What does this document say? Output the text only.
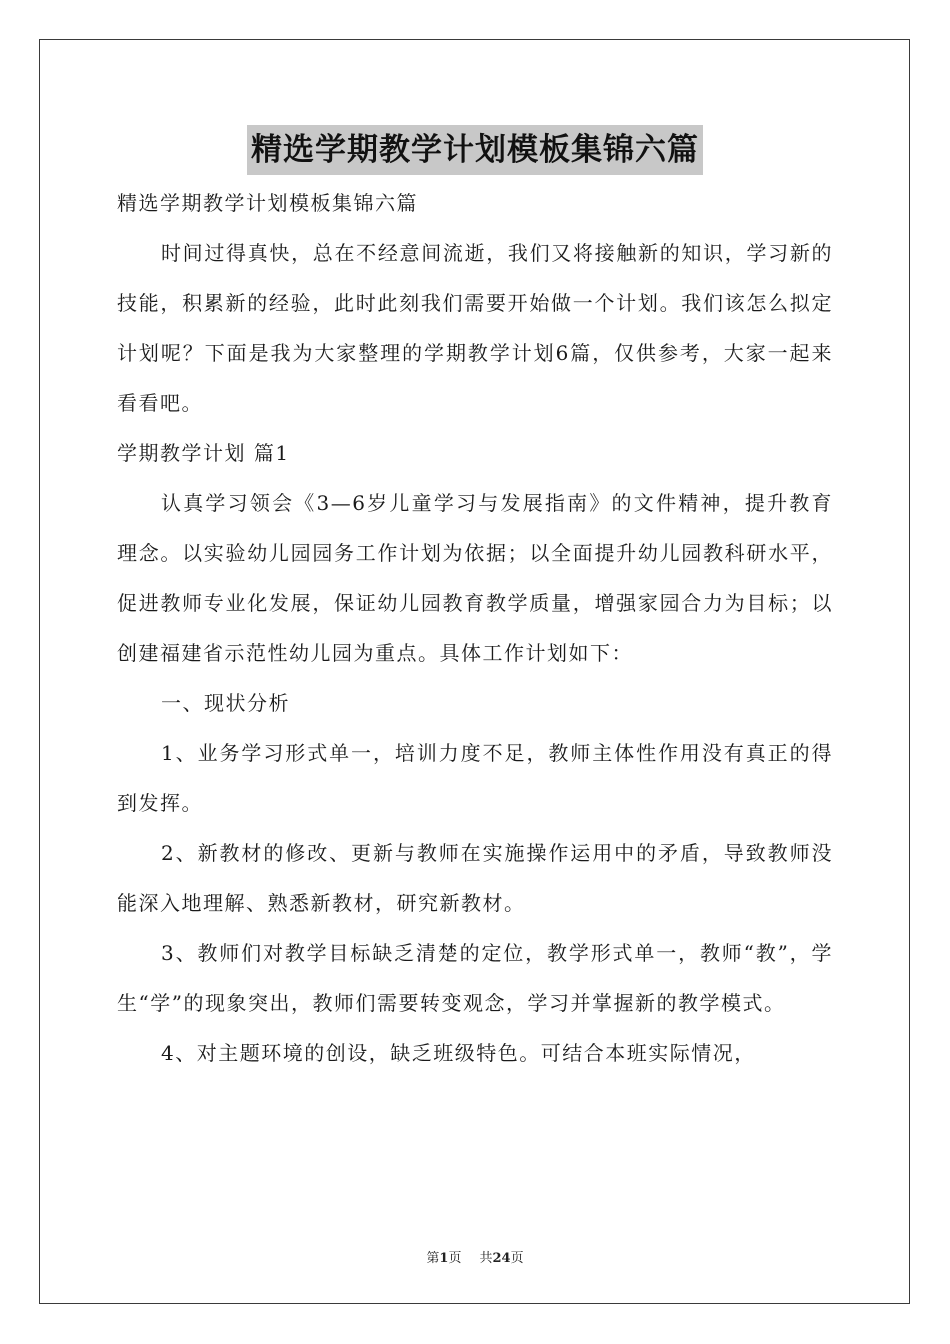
精选学期教学计划模板集锦六篇

精选学期教学计划模板集锦六篇

时间过得真快，总在不经意间流逝，我们又将接触新的知识，学习新的技能，积累新的经验，此时此刻我们需要开始做一个计划。我们该怎么拟定计划呢？下面是我为大家整理的学期教学计划6篇，仅供参考，大家一起来看看吧。

学期教学计划 篇1

认真学习领会《3—6岁儿童学习与发展指南》的文件精神，提升教育理念。以实验幼儿园园务工作计划为依据；以全面提升幼儿园教科研水平，促进教师专业化发展，保证幼儿园教育教学质量，增强家园合力为目标；以创建福建省示范性幼儿园为重点。具体工作计划如下：

一、现状分析

1、业务学习形式单一，培训力度不足，教师主体性作用没有真正的得到发挥。

2、新教材的修改、更新与教师在实施操作运用中的矛盾，导致教师没能深入地理解、熟悉新教材，研究新教材。

3、教师们对教学目标缺乏清楚的定位，教学形式单一，教师“教”，学生“学”的现象突出，教师们需要转变观念，学习并掌握新的教学模式。

4、对主题环境的创设，缺乏班级特色。可结合本班实际情况，

第1页 共24页
